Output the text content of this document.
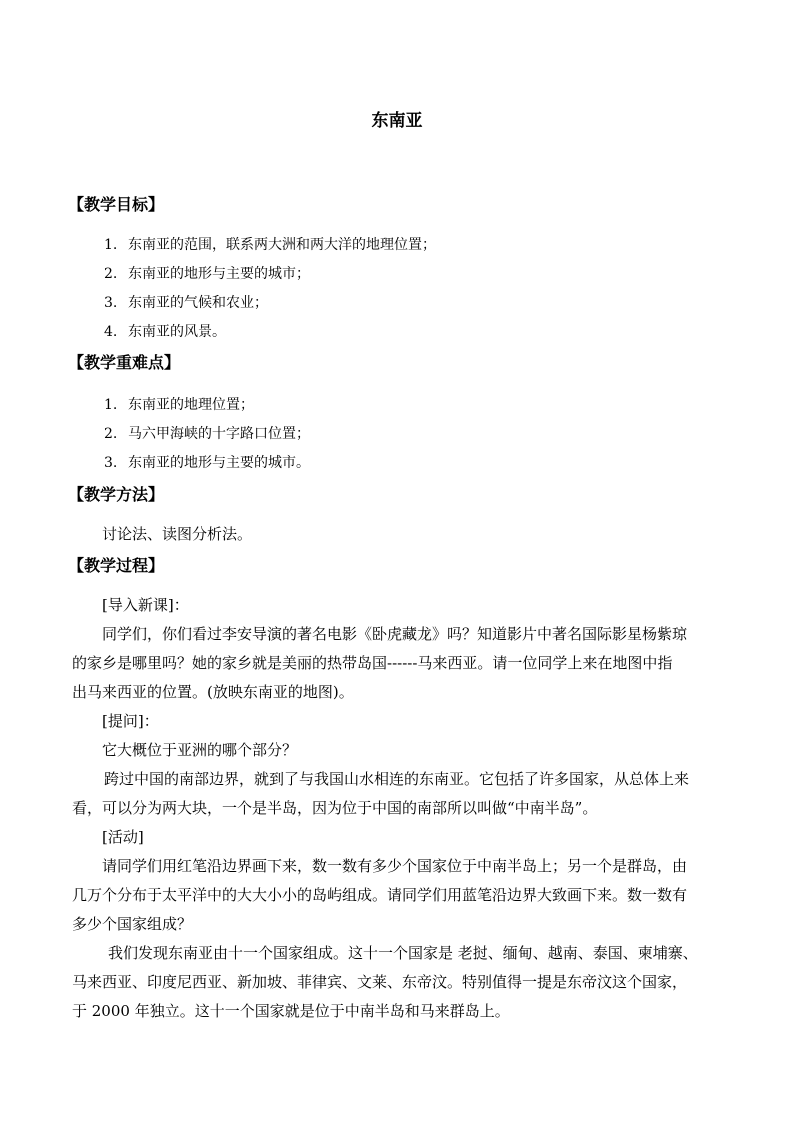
东南亚
【教学目标】
1. 东南亚的范围，联系两大洲和两大洋的地理位置；
2. 东南亚的地形与主要的城市；
3. 东南亚的气候和农业；
4. 东南亚的风景。
【教学重难点】
1. 东南亚的地理位置；
2. 马六甲海峡的十字路口位置；
3. 东南亚的地形与主要的城市。
【教学方法】
讨论法、读图分析法。
【教学过程】
[导入新课]：
同学们，你们看过李安导演的著名电影《卧虎藏龙》吗？知道影片中著名国际影星杨紫琼
的家乡是哪里吗？她的家乡就是美丽的热带岛国------马来西亚。请一位同学上来在地图中指
出马来西亚的位置。(放映东南亚的地图)。
[提问]：
它大概位于亚洲的哪个部分？
跨过中国的南部边界，就到了与我国山水相连的东南亚。它包括了许多国家，从总体上来
看，可以分为两大块，一个是半岛，因为位于中国的南部所以叫做“中南半岛”。
[活动]
请同学们用红笔沿边界画下来，数一数有多少个国家位于中南半岛上；另一个是群岛，由
几万个分布于太平洋中的大大小小的岛屿组成。请同学们用蓝笔沿边界大致画下来。数一数有
多少个国家组成？
我们发现东南亚由十一个国家组成。这十一个国家是 老挝、缅甸、越南、泰国、柬埔寨、
马来西亚、印度尼西亚、新加坡、菲律宾、文莱、东帝汶。特别值得一提是东帝汶这个国家，
于 2000 年独立。这十一个国家就是位于中南半岛和马来群岛上。
